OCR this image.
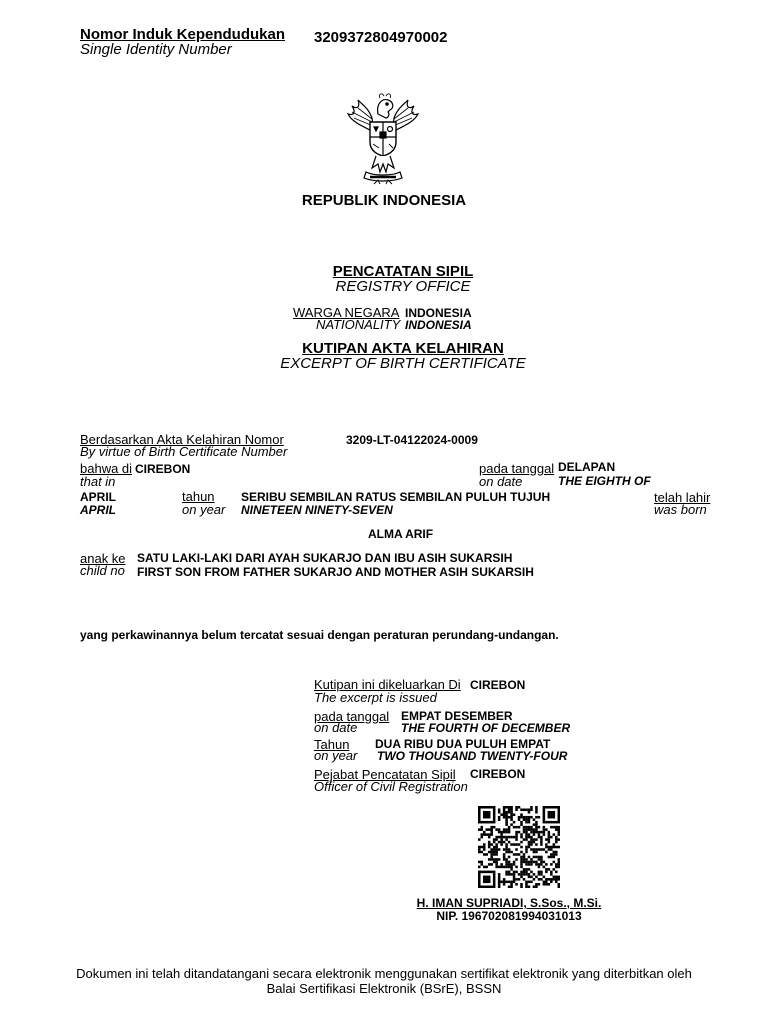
Nomor Induk Kependudukan
Single Identity Number
3209372804970002
REPUBLIK INDONESIA
PENCATATAN SIPIL
REGISTRY OFFICE
WARGA NEGARA INDONESIA
NATIONALITY INDONESIA
KUTIPAN AKTA KELAHIRAN
EXCERPT OF BIRTH CERTIFICATE
Berdasarkan Akta Kelahiran Nomor
By virtue of Birth Certificate Number
3209-LT-04122024-0009
bahwa di CIREBON
that in
pada tanggal DELAPAN
on date	THE EIGHTH OF
APRIL
APRIL
tahun
on year
SERIBU SEMBILAN RATUS SEMBILAN PULUH TUJUH
NINETEEN NINETY-SEVEN
telah lahir
was born
ALMA ARIF
anak ke
child no
SATU LAKI-LAKI DARI AYAH SUKARJO DAN IBU ASIH SUKARSIH
FIRST SON FROM FATHER SUKARJO AND MOTHER ASIH SUKARSIH
yang perkawinannya belum tercatat sesuai dengan peraturan perundang-undangan.
Kutipan ini dikeluarkan Di CIREBON
The excerpt is issued
pada tanggal EMPAT DESEMBER
on date	THE FOURTH OF DECEMBER
Tahun DUA RIBU DUA PULUH EMPAT
on year TWO THOUSAND TWENTY-FOUR
Pejabat Pencatatan Sipil CIREBON
Officer of Civil Registration
H. IMAN SUPRIADI, S.Sos., M.Si.
NIP. 196702081994031013
Dokumen ini telah ditandatangani secara elektronik menggunakan sertifikat elektronik yang diterbitkan oleh
Balai Sertifikasi Elektronik (BSrE), BSSN
